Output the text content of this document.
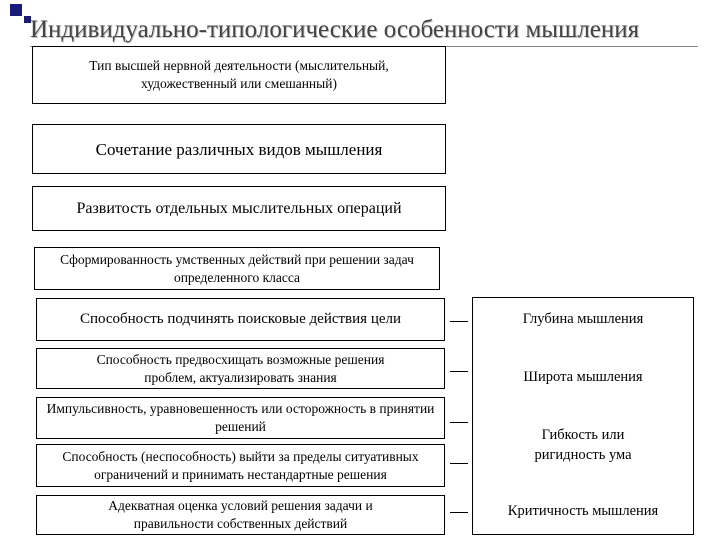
Индивидуально-типологические особенности мышления
Тип высшей нервной деятельности (мыслительный, художественный или смешанный)
Сочетание различных видов мышления
Развитость отдельных мыслительных операций
Сформированность умственных действий при решении задач определенного класса
Способность подчинять поисковые действия цели
Способность предвосхищать возможные решения проблем, актуализировать знания
Импульсивность, уравновешенность или осторожность в принятии решений
Способность (неспособность) выйти за пределы ситуативных ограничений и принимать нестандартные решения
Адекватная оценка условий решения задачи и правильности собственных действий
Глубина мышления
Широта мышления
Гибкость или ригидность ума
Критичность мышления
